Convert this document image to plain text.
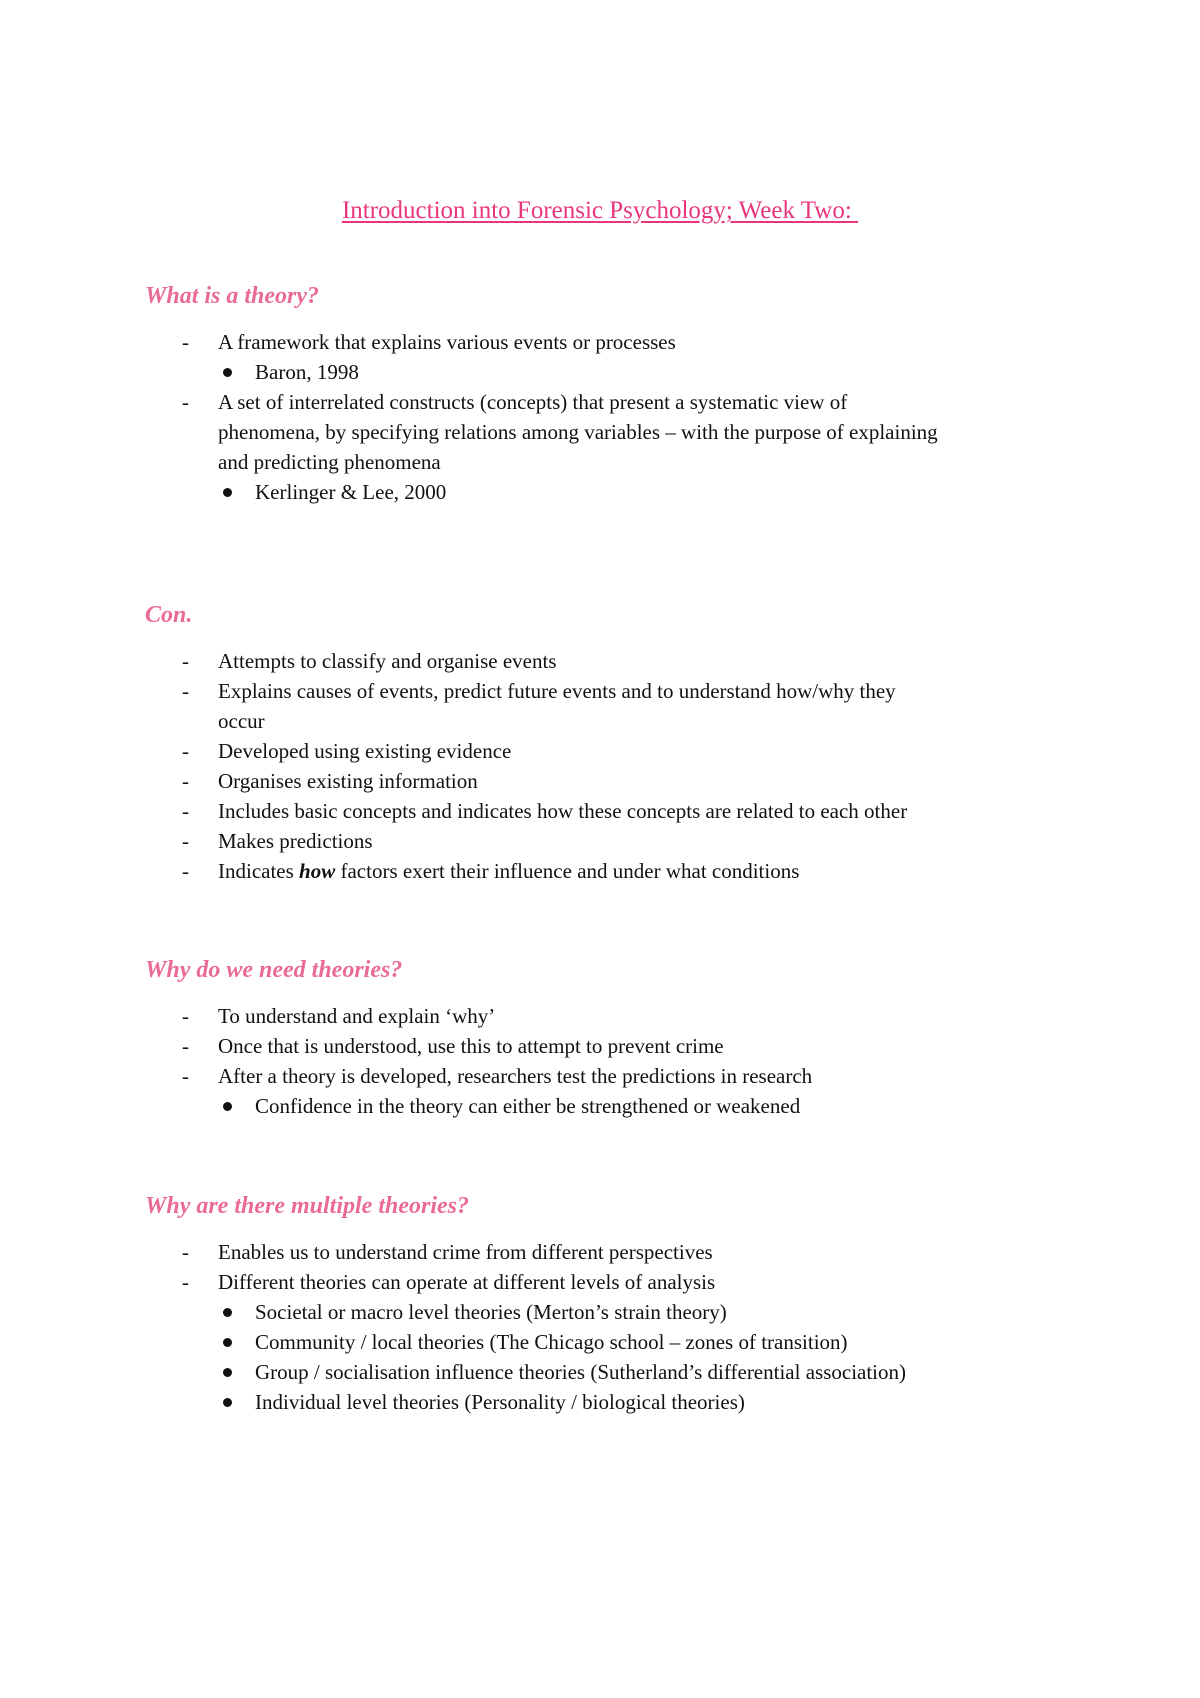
Introduction into Forensic Psychology; Week Two:
What is a theory?
-	A framework that explains various events or processes
Baron, 1998
-	A set of interrelated constructs (concepts) that present a systematic view of
phenomena, by specifying relations among variables – with the purpose of explaining
and predicting phenomena
Kerlinger & Lee, 2000
Con.
-	Attempts to classify and organise events
-	Explains causes of events, predict future events and to understand how/why they
occur
-	Developed using existing evidence
-	Organises existing information
-	Includes basic concepts and indicates how these concepts are related to each other
-	Makes predictions
-	Indicates how factors exert their influence and under what conditions
Why do we need theories?
-	To understand and explain ‘why’
-	Once that is understood, use this to attempt to prevent crime
-	After a theory is developed, researchers test the predictions in research
Confidence in the theory can either be strengthened or weakened
Why are there multiple theories?
-	Enables us to understand crime from different perspectives
-	Different theories can operate at different levels of analysis
Societal or macro level theories (Merton’s strain theory)
Community / local theories (The Chicago school – zones of transition)
Group / socialisation influence theories (Sutherland’s differential association)
Individual level theories (Personality / biological theories)
